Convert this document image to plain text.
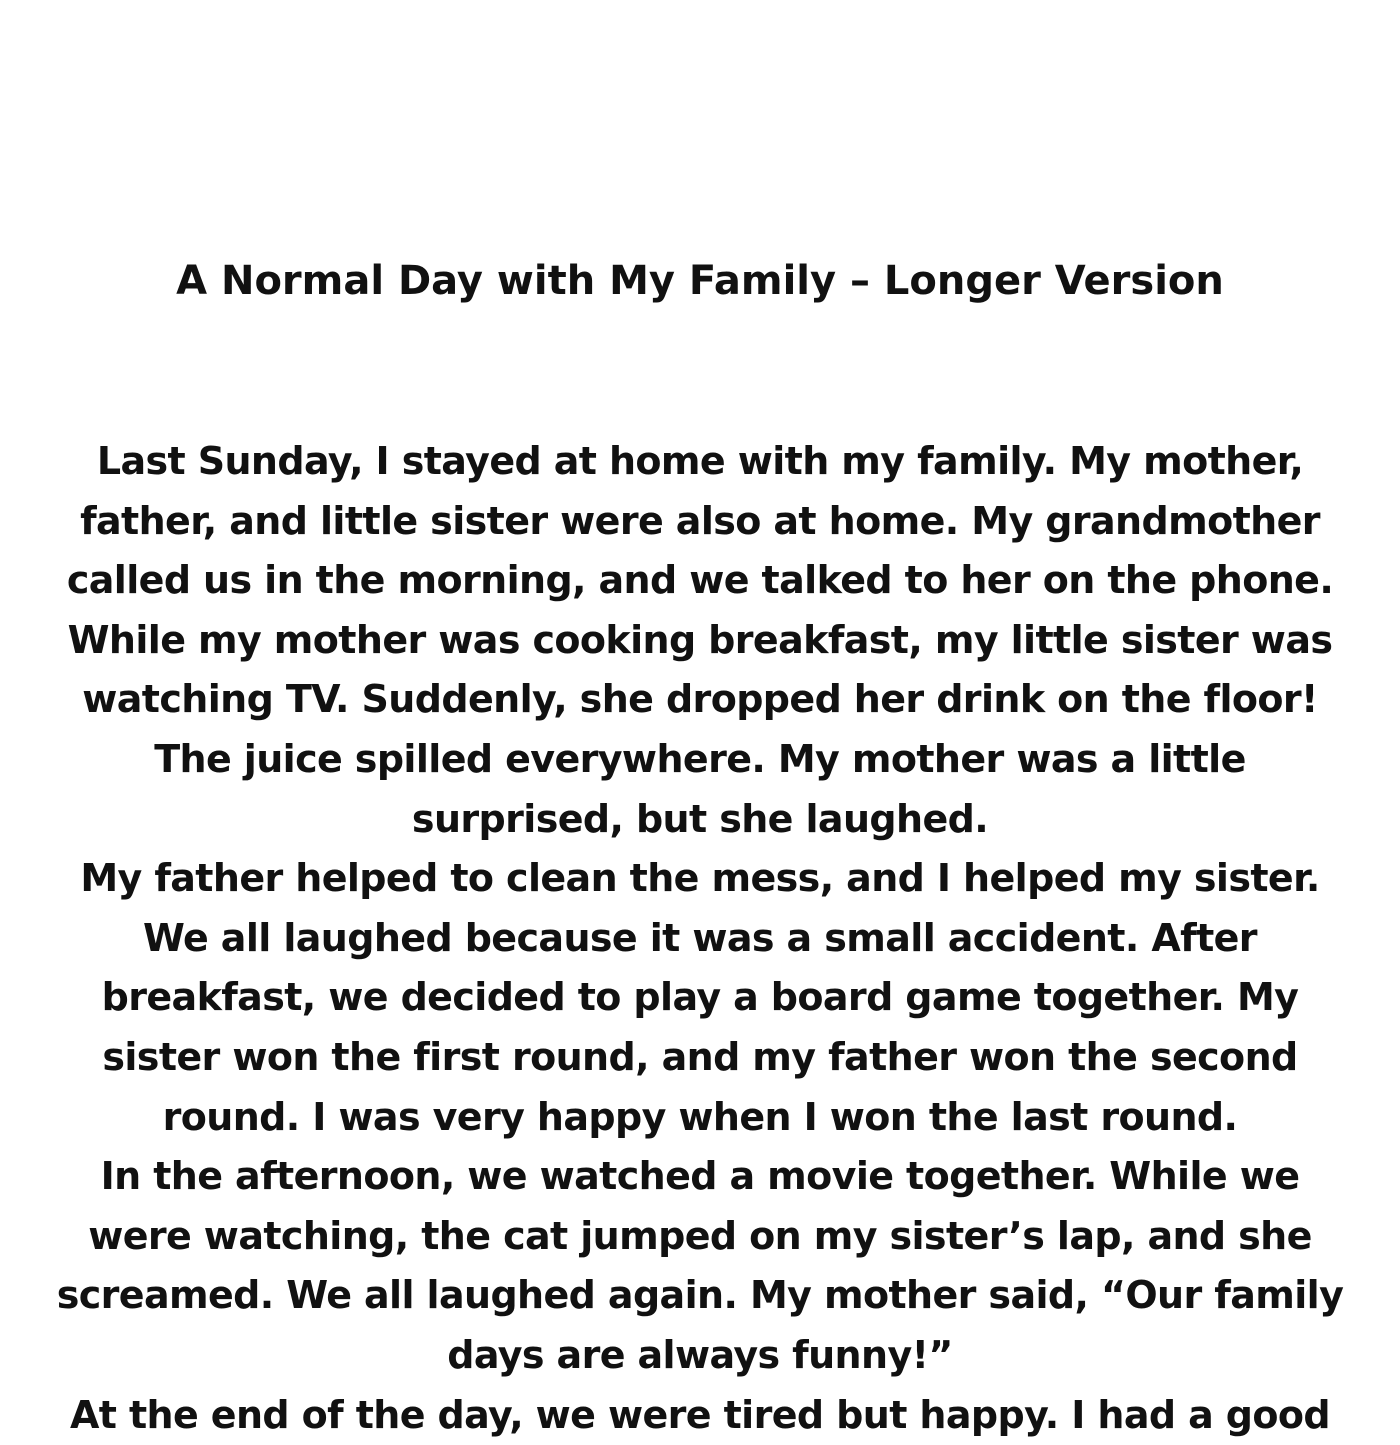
A Normal Day with My Family – Longer Version
Last Sunday, I stayed at home with my family. My mother,
father, and little sister were also at home. My grandmother
called us in the morning, and we talked to her on the phone.
While my mother was cooking breakfast, my little sister was
watching TV. Suddenly, she dropped her drink on the floor!
The juice spilled everywhere. My mother was a little
surprised, but she laughed.
My father helped to clean the mess, and I helped my sister.
We all laughed because it was a small accident. After
breakfast, we decided to play a board game together. My
sister won the first round, and my father won the second
round. I was very happy when I won the last round.
In the afternoon, we watched a movie together. While we
were watching, the cat jumped on my sister’s lap, and she
screamed. We all laughed again. My mother said, “Our family
days are always funny!”
At the end of the day, we were tired but happy. I had a good
